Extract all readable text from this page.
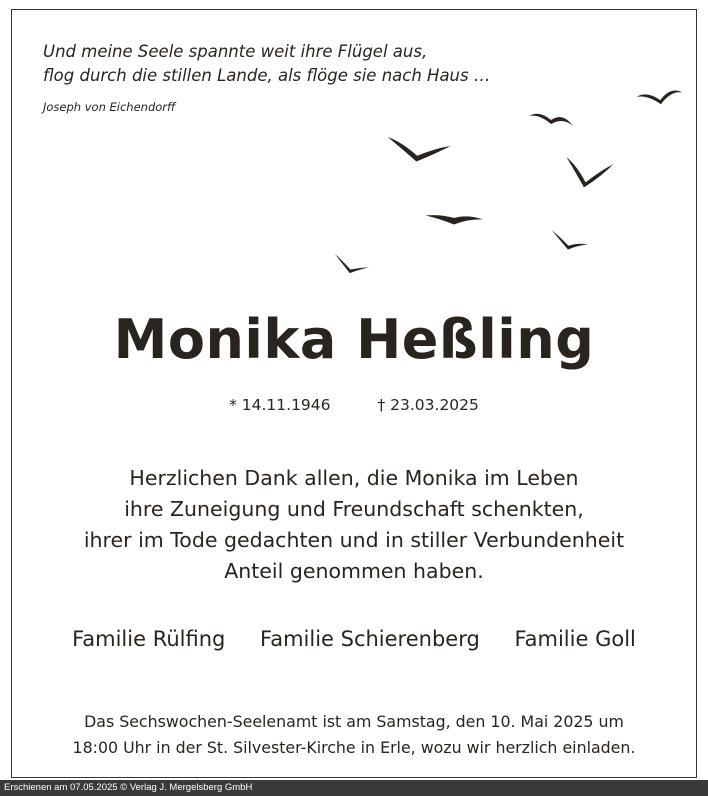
Und meine Seele spannte weit ihre Flügel aus,
flog durch die stillen Lande, als flöge sie nach Haus …

Joseph von Eichendorff

Monika Heßling
* 14.11.1946	† 23.03.2025

Herzlichen Dank allen, die Monika im Leben
ihre Zuneigung und Freundschaft schenkten,
ihrer im Tode gedachten und in stiller Verbundenheit
Anteil genommen haben.

Familie Rülfing Familie Schierenberg Familie Goll

Das Sechswochen-Seelenamt ist am Samstag, den 10. Mai 2025 um
18:00 Uhr in der St. Silvester-Kirche in Erle, wozu wir herzlich einladen.

Erschienen am 07.05.2025 © Verlag J. Mergelsberg GmbH
